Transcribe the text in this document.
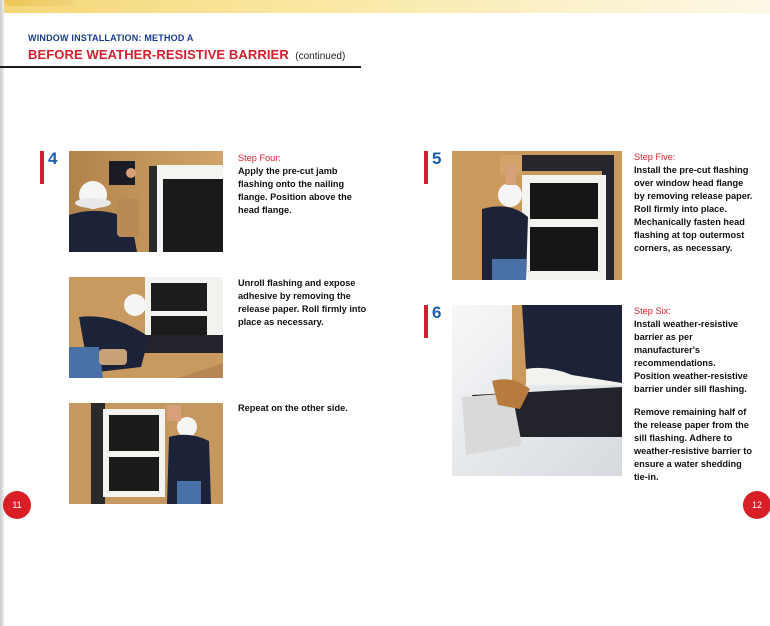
WINDOW INSTALLATION: METHOD A
BEFORE WEATHER-RESISTIVE BARRIER (continued)
4	Step Four:
Apply the pre-cut jamb flashing onto the nailing flange. Position above the head flange.
Unroll flashing and expose adhesive by removing the release paper. Roll firmly into place as necessary.
Repeat on the other side.
5	Step Five:
Install the pre-cut flashing over window head flange by removing release paper. Roll firmly into place. Mechanically fasten head flashing at top outermost corners, as necessary.
6	Step Six:
Install weather-resistive barrier as per manufacturer's recommendations. Position weather-resistive barrier under sill flashing.
Remove remaining half of the release paper from the sill flashing. Adhere to weather-resistive barrier to ensure a water shedding tie-in.
11	12
